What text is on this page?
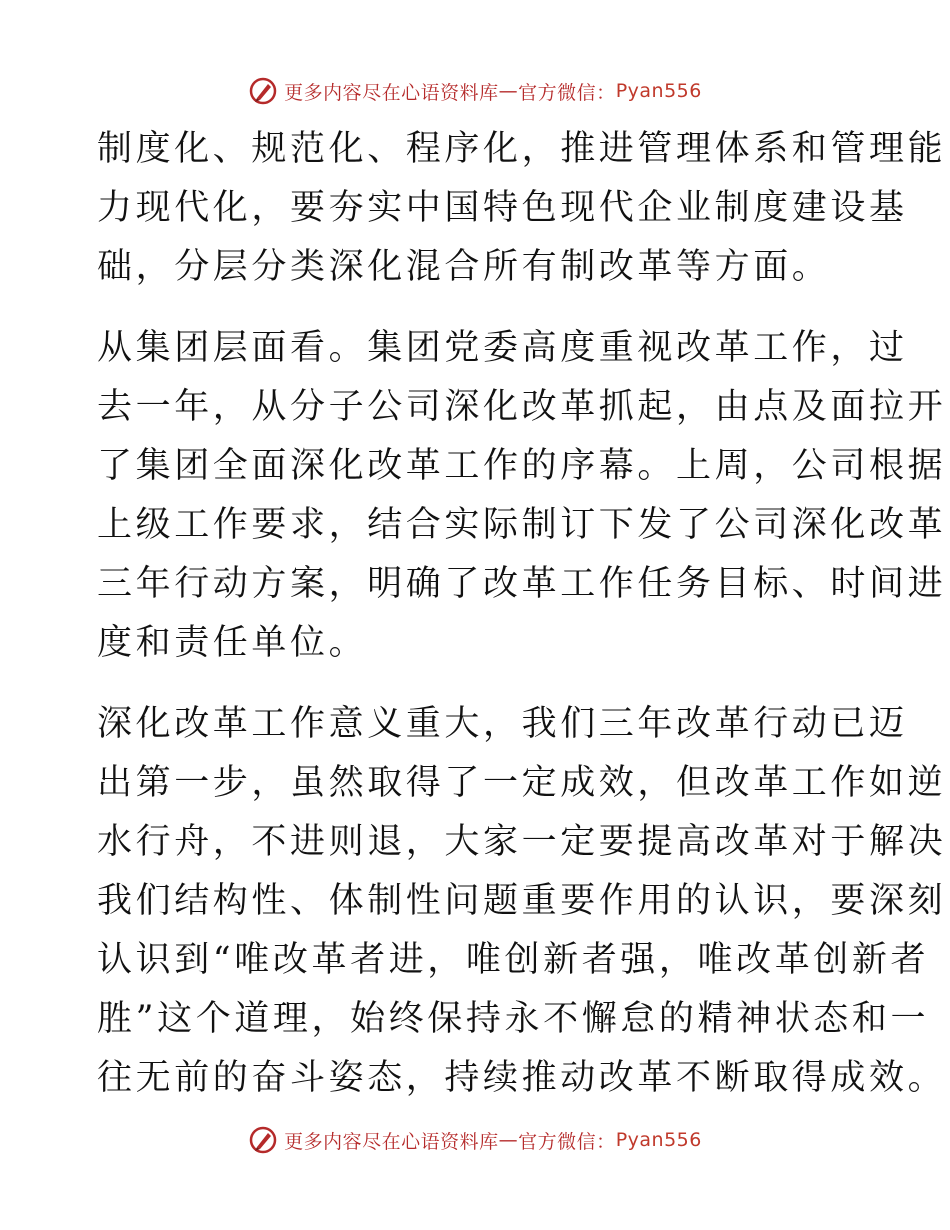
更多内容尽在心语资料库 — 官方微信： Pyan556

制度化、规范化、程序化，推进管理体系和管理能
力现代化，要夯实中国特色现代企业制度建设基
础，分层分类深化混合所有制改革等方面。

从集团层面看。集团党委高度重视改革工作，过
去一年，从分子公司深化改革抓起，由点及面拉开
了集团全面深化改革工作的序幕。上周，公司根据
上级工作要求，结合实际制订下发了公司深化改革
三年行动方案，明确了改革工作任务目标、时间进
度和责任单位。

深化改革工作意义重大，我们三年改革行动已迈
出第一步，虽然取得了一定成效，但改革工作如逆
水行舟，不进则退，大家一定要提高改革对于解决
我们结构性、体制性问题重要作用的认识，要深刻
认识到“唯改革者进，唯创新者强，唯改革创新者
胜”这个道理，始终保持永不懈怠的精神状态和一
往无前的奋斗姿态，持续推动改革不断取得成效。

更多内容尽在心语资料库 — 官方微信： Pyan556
